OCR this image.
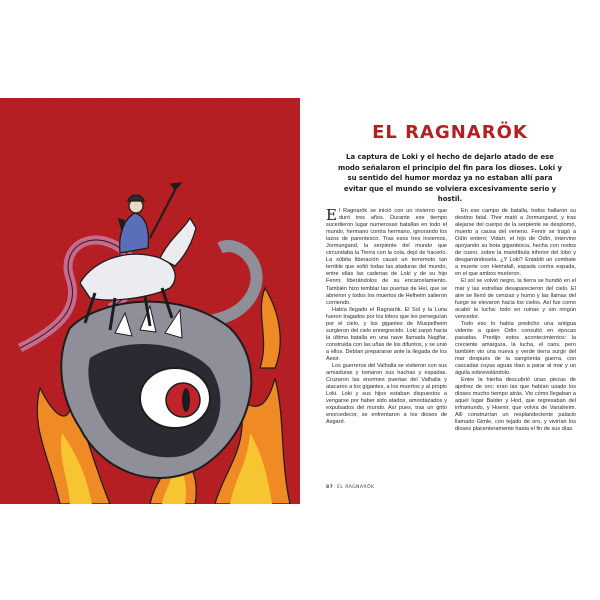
EL RAGNARÖK
La captura de Loki y el hecho de dejarlo atado de ese modo señalaron el principio del fin para los dioses. Loki y su sentido del humor mordaz ya no estaban allí para evitar que el mundo se volviera excesivamente serio y hostil.

El Ragnarök se inició con un invierno que duró tres años. Durante ese tiempo sucedieron lugar numerosas batallas en todo el mundo, hermano contra hermano, ignorando los lazos de parentesco. Tras esos tres inviernos, Jormungand, la serpiente del mundo que circundaba la Tierra con la cola, dejó de hacerlo. La súbita liberación causó un terremoto tan terrible que soltó todas las ataduras del mundo, entre ellas las cadenas de Loki y de su hijo Fenrir, liberándolos de su encarcelamiento. También hizo temblar las puertas de Hel, que se abrieron y todos los muertos de Helheim salieron corriendo.

Había llegado el Ragnarök. El Sol y la Luna fueron tragados por los lobos que les perseguían por el cielo, y los gigantes de Muspelheim surgieron del cielo ennegrecido. Loki zarpó hacia la última batalla en una nave llamada Naglfar, construida con las uñas de los difuntos, y se unió a ellos. Debían prepararse ante la llegada de los Aesir.

Los guerreros del Valhalla se vistieron con sus armaduras y tomaron sus hachas y espadas. Cruzaron las enormes puertas del Valhalla y atacaron a los gigantes, a los muertos y al propio Loki. Loki y sus hijos estaban dispuestos a vengarse por haber sido atados, amordazados y expulsados del mundo. Así pues, tras un grito enorcedecor, se enfrentaron a los dioses de Asgard.

En ese campo de batalla, todos hallaron su destino fatal. Thor mató a Jormungand, y tras alejarse del cuerpo de la serpiente se desplomó, muerto a causa del veneno. Fenrir se tragó a Odín entero; Vidarr, el hijo de Odín, intervino apoyando su bota gigantesca, hecha con restos de cuero, sobre la mandíbula inferior del lobo y desgarrándosela. ¿Y Loki? Entabló un combate a muerte con Heimdall, espada contra espada, en el que ambos murieron.

El sol se volvió negro, la tierra se hundió en el mar y las estrellas desaparecieron del cielo. El aire se llenó de cenizas y humo y las llamas del fuego se elevaron hacia los cielos. Así fue como acabó la lucha: todo en ruinas y sin ningún vencedor.

Todo eso lo había predicho una antigua vidente a quien Odín consultó en épocas pasadas. Predijo estos acontecimientos: la creciente amargura, la lucha, el caos, pero también vio una nueva y verde tierra surgir del mar después de la sangrienta guerra, con cascadas cuyas aguas iban a parar al mar y un águila sobrevolándolo.

Entre la hierba descubrió unas piezas de ajedrez de oro; eran las que habían usado los dioses mucho tiempo atrás. Vio cómo llegaban a aquel lugar Balder y Hod, que regresaban del inframundo, y Hoenir, que volvía de Vanaheim. Allí construirían un resplandeciente palacio llamado Gimle, con tejado de oro, y vivirían los dioses placenteramente hasta el fin de sus días.

87 EL RAGNARÖK
